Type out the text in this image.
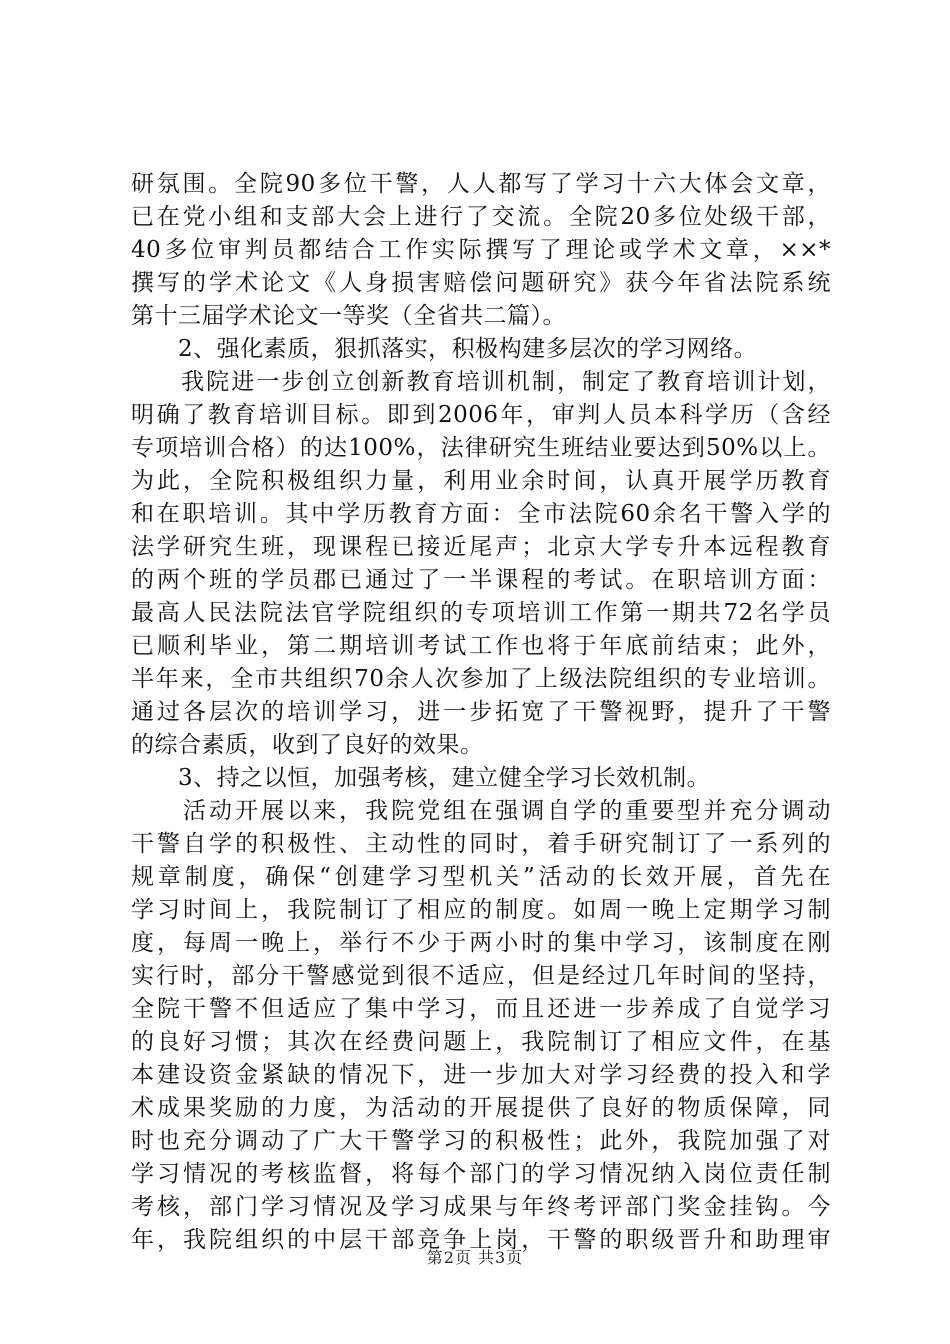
研氛围。全院90多位干警，人人都写了学习十六大体会文章，
已在党小组和支部大会上进行了交流。全院20多位处级干部，
40多位审判员都结合工作实际撰写了理论或学术文章，××*
撰写的学术论文《人身损害赔偿问题研究》获今年省法院系统
第十三届学术论文一等奖（全省共二篇）。
　　2、强化素质，狠抓落实，积极构建多层次的学习网络。
　　我院进一步创立创新教育培训机制，制定了教育培训计划，
明确了教育培训目标。即到2006年，审判人员本科学历（含经
专项培训合格）的达100%，法律研究生班结业要达到50%以上。
为此，全院积极组织力量，利用业余时间，认真开展学历教育
和在职培训。其中学历教育方面：全市法院60余名干警入学的
法学研究生班，现课程已接近尾声；北京大学专升本远程教育
的两个班的学员郡已通过了一半课程的考试。在职培训方面：
最高人民法院法官学院组织的专项培训工作第一期共72名学员
已顺利毕业，第二期培训考试工作也将于年底前结束；此外，
半年来，全市共组织70余人次参加了上级法院组织的专业培训。
通过各层次的培训学习，进一步拓宽了干警视野，提升了干警
的综合素质，收到了良好的效果。
　　3、持之以恒，加强考核，建立健全学习长效机制。
　　活动开展以来，我院党组在强调自学的重要型并充分调动
干警自学的积极性、主动性的同时，着手研究制订了一系列的
规章制度，确保“创建学习型机关”活动的长效开展，首先在
学习时间上，我院制订了相应的制度。如周一晚上定期学习制
度，每周一晚上，举行不少于两小时的集中学习，该制度在刚
实行时，部分干警感觉到很不适应，但是经过几年时间的坚持，
全院干警不但适应了集中学习，而且还进一步养成了自觉学习
的良好习惯；其次在经费问题上，我院制订了相应文件，在基
本建设资金紧缺的情况下，进一步加大对学习经费的投入和学
术成果奖励的力度，为活动的开展提供了良好的物质保障，同
时也充分调动了广大干警学习的积极性；此外，我院加强了对
学习情况的考核监督，将每个部门的学习情况纳入岗位责任制
考核，部门学习情况及学习成果与年终考评部门奖金挂钩。今
年，我院组织的中层干部竞争上岗，干警的职级晋升和助理审
第2页 共3页
